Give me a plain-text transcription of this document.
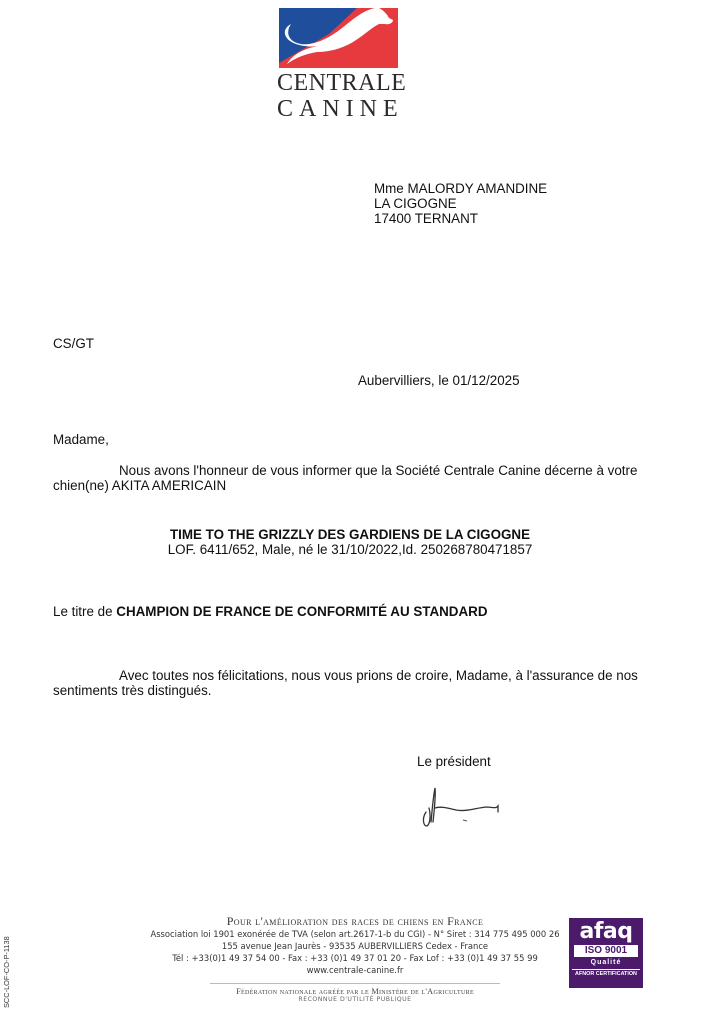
CENTRALE
CANINE
Mme MALORDY AMANDINE
LA CIGOGNE
17400 TERNANT
CS/GT
Aubervilliers, le 01/12/2025
Madame,
Nous avons l'honneur de vous informer que la Société Centrale Canine décerne à votre
chien(ne) AKITA AMERICAIN
TIME TO THE GRIZZLY DES GARDIENS DE LA CIGOGNE
LOF. 6411/652, Male, né le 31/10/2022,Id. 250268780471857
Le titre de CHAMPION DE FRANCE DE CONFORMITÉ AU STANDARD
Avec toutes nos félicitations, nous vous prions de croire, Madame, à l'assurance de nos
sentiments très distingués.
Le président
Pour l'amélioration des races de chiens en France
Association loi 1901 exonérée de TVA (selon art.2617-1-b du CGI) - N° Siret : 314 775 495 000 26
155 avenue Jean Jaurès - 93535 AUBERVILLIERS Cedex - France
Tél : +33(0)1 49 37 54 00 - Fax : +33 (0)1 49 37 01 20 - Fax Lof : +33 (0)1 49 37 55 99
www.centrale-canine.fr
Fédération nationale agréée par le Ministère de l'Agriculture
RECONNUE D'UTILITÉ PUBLIQUE
afaq
ISO 9001
Qualité
AFNOR CERTIFICATION
SCC-LOF-CO-P-1138
